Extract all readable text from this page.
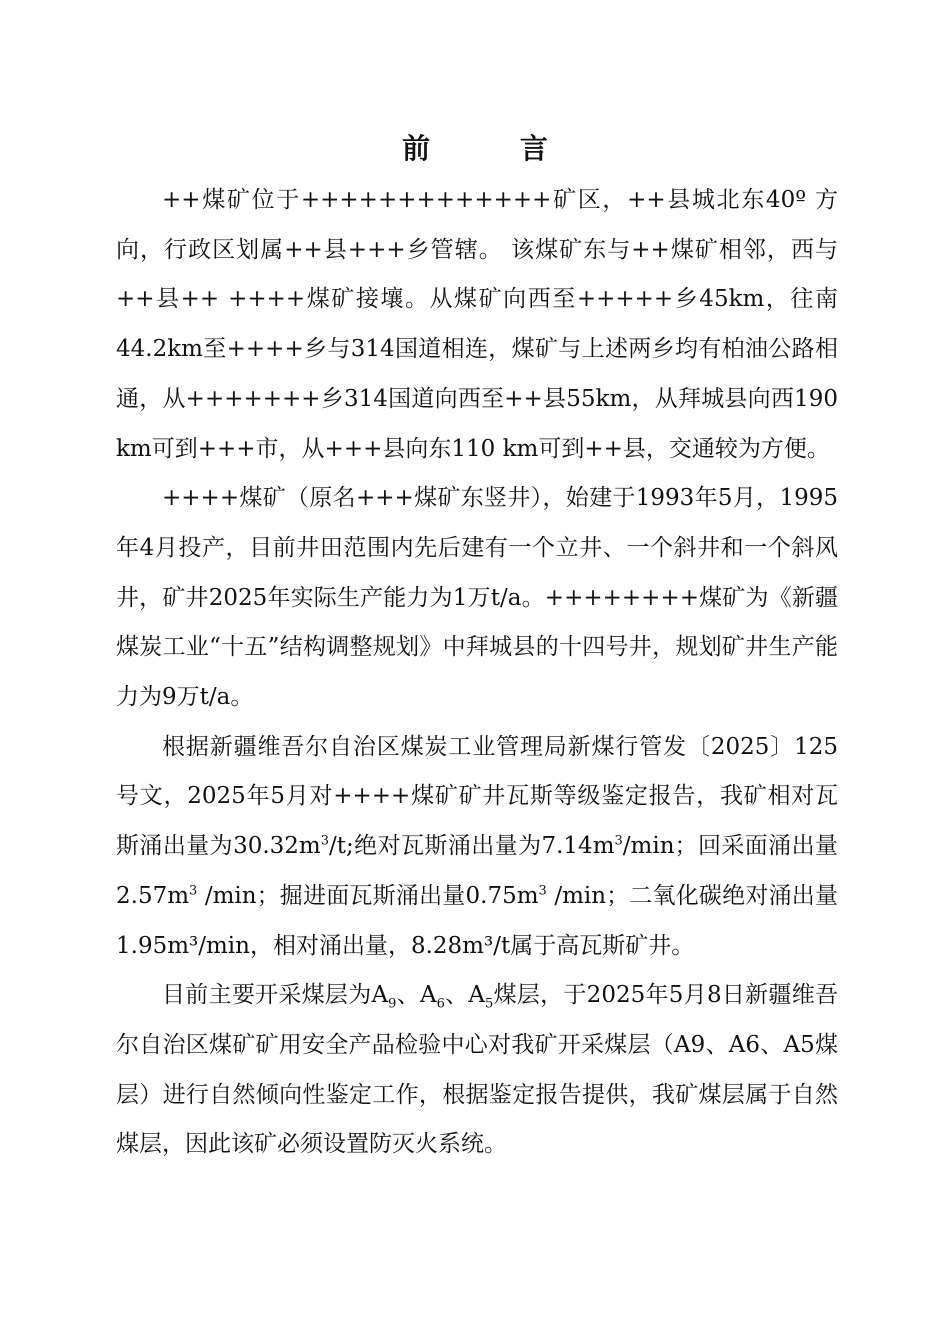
前 言

++煤矿位于+++++++++++++矿区，++县城北东40º 方向，行政区划属++县+++乡管辖。 该煤矿东与++煤矿相邻，西与++县++ ++++煤矿接壤。从煤矿向西至+++++乡45km，往南44.2km至++++乡与314国道相连，煤矿与上述两乡均有柏油公路相通，从+++++++乡314国道向西至++县55km，从拜城县向西190 km可到+++市，从+++县向东110 km可到++县，交通较为方便。

++++煤矿（原名+++煤矿东竖井），始建于1993年5月，1995年4月投产，目前井田范围内先后建有一个立井、一个斜井和一个斜风井，矿井2025年实际生产能力为1万t/a。++++++++煤矿为《新疆煤炭工业“十五”结构调整规划》中拜城县的十四号井，规划矿井生产能力为9万t/a。

根据新疆维吾尔自治区煤炭工业管理局新煤行管发〔2025〕125号文，2025年5月对++++煤矿矿井瓦斯等级鉴定报告，我矿相对瓦斯涌出量为$30.32m^3/t$;绝对瓦斯涌出量为$7.14m^3/\min$；回采面涌出量$2.57m^3$ /min；掘进面瓦斯涌出量$0.75m^3$ /min；二氧化碳绝对涌出量1.95m³/min，相对涌出量，8.28m³/t属于高瓦斯矿井。

目前主要开采煤层为$A_9$、$A_6$、$A_5$煤层，于2025年5月8日新疆维吾尔自治区煤矿矿用安全产品检验中心对我矿开采煤层（A9、A6、A5煤层）进行自然倾向性鉴定工作，根据鉴定报告提供，我矿煤层属于自然煤层，因此该矿必须设置防灭火系统。
